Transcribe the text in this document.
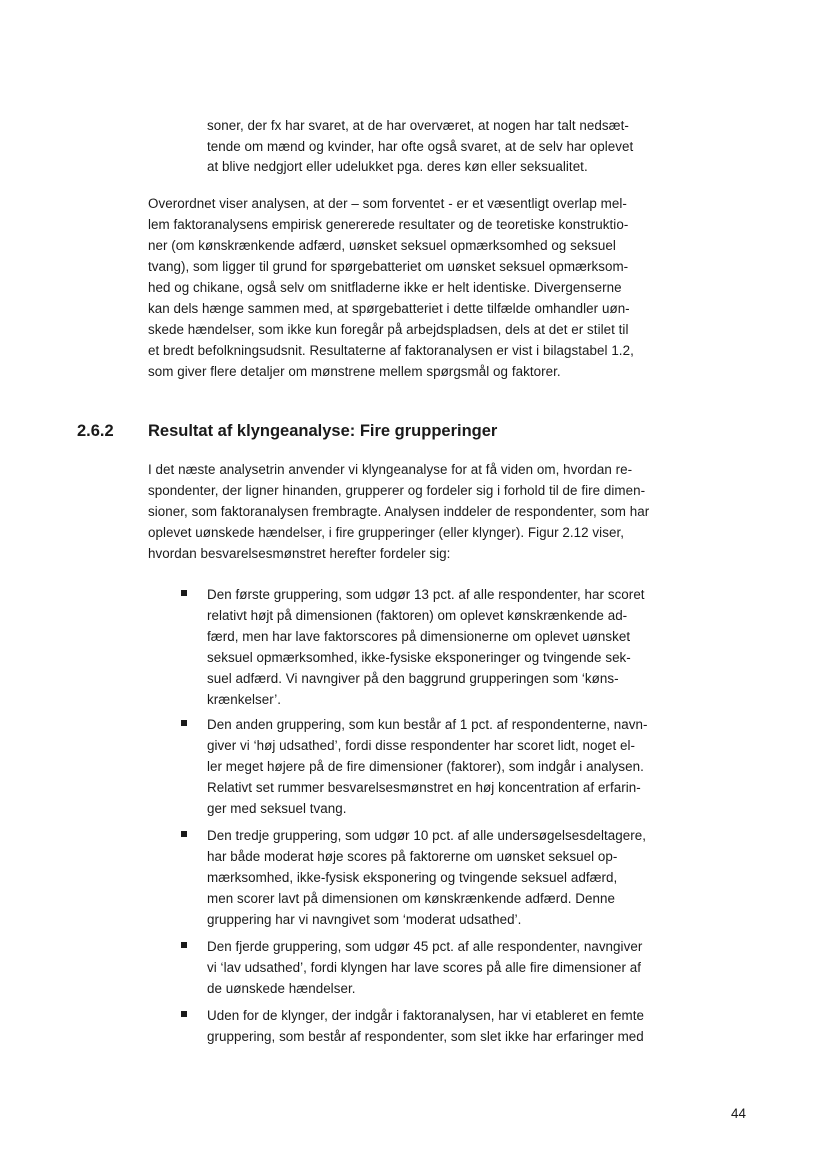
soner, der fx har svaret, at de har overværet, at nogen har talt nedsæt-
tende om mænd og kvinder, har ofte også svaret, at de selv har oplevet
at blive nedgjort eller udelukket pga. deres køn eller seksualitet.
Overordnet viser analysen, at der – som forventet - er et væsentligt overlap mel-
lem faktoranalysens empirisk genererede resultater og de teoretiske konstruktio-
ner (om kønskrænkende adfærd, uønsket seksuel opmærksomhed og seksuel
tvang), som ligger til grund for spørgebatteriet om uønsket seksuel opmærksom-
hed og chikane, også selv om snitfladerne ikke er helt identiske. Divergenserne
kan dels hænge sammen med, at spørgebatteriet i dette tilfælde omhandler uøn-
skede hændelser, som ikke kun foregår på arbejdspladsen, dels at det er stilet til
et bredt befolkningsudsnit. Resultaterne af faktoranalysen er vist i bilagstabel 1.2,
som giver flere detaljer om mønstrene mellem spørgsmål og faktorer.
2.6.2 Resultat af klyngeanalyse: Fire grupperinger
I det næste analysetrin anvender vi klyngeanalyse for at få viden om, hvordan re-
spondenter, der ligner hinanden, grupperer og fordeler sig i forhold til de fire dimen-
sioner, som faktoranalysen frembragte. Analysen inddeler de respondenter, som har
oplevet uønskede hændelser, i fire grupperinger (eller klynger). Figur 2.12 viser,
hvordan besvarelsesmønstret herefter fordeler sig:
Den første gruppering, som udgør 13 pct. af alle respondenter, har scoret
relativt højt på dimensionen (faktoren) om oplevet kønskrænkende ad-
færd, men har lave faktorscores på dimensionerne om oplevet uønsket
seksuel opmærksomhed, ikke-fysiske eksponeringer og tvingende sek-
suel adfærd. Vi navngiver på den baggrund grupperingen som ‘køns-
krænkelser’.
Den anden gruppering, som kun består af 1 pct. af respondenterne, navn-
giver vi ‘høj udsathed’, fordi disse respondenter har scoret lidt, noget el-
ler meget højere på de fire dimensioner (faktorer), som indgår i analysen.
Relativt set rummer besvarelsesmønstret en høj koncentration af erfarin-
ger med seksuel tvang.
Den tredje gruppering, som udgør 10 pct. af alle undersøgelsesdeltagere,
har både moderat høje scores på faktorerne om uønsket seksuel op-
mærksomhed, ikke-fysisk eksponering og tvingende seksuel adfærd,
men scorer lavt på dimensionen om kønskrænkende adfærd. Denne
gruppering har vi navngivet som ‘moderat udsathed’.
Den fjerde gruppering, som udgør 45 pct. af alle respondenter, navngiver
vi ‘lav udsathed’, fordi klyngen har lave scores på alle fire dimensioner af
de uønskede hændelser.
Uden for de klynger, der indgår i faktoranalysen, har vi etableret en femte
gruppering, som består af respondenter, som slet ikke har erfaringer med
44
